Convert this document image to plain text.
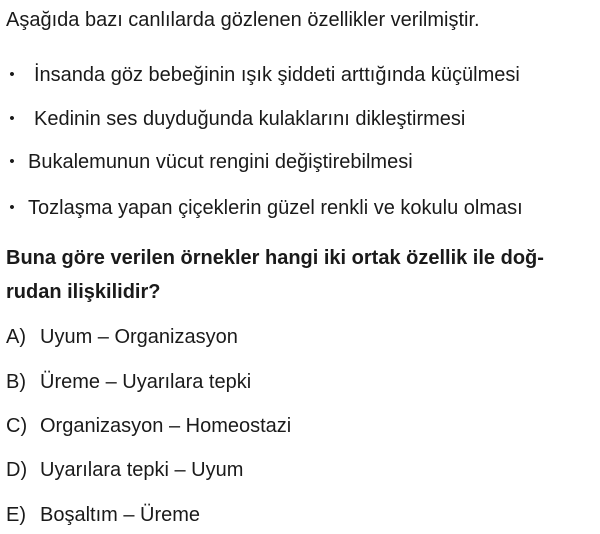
Aşağıda bazı canlılarda gözlenen özellikler verilmiştir.
• İnsanda göz bebeğinin ışık şiddeti arttığında küçülmesi
• Kedinin ses duyduğunda kulaklarını dikleştirmesi
• Bukalemunun vücut rengini değiştirebilmesi
• Tozlaşma yapan çiçeklerin güzel renkli ve kokulu olması
Buna göre verilen örnekler hangi iki ortak özellik ile doğ-
rudan ilişkilidir?
A) Uyum – Organizasyon
B) Üreme – Uyarılara tepki
C) Organizasyon – Homeostazi
D) Uyarılara tepki – Uyum
E) Boşaltım – Üreme
